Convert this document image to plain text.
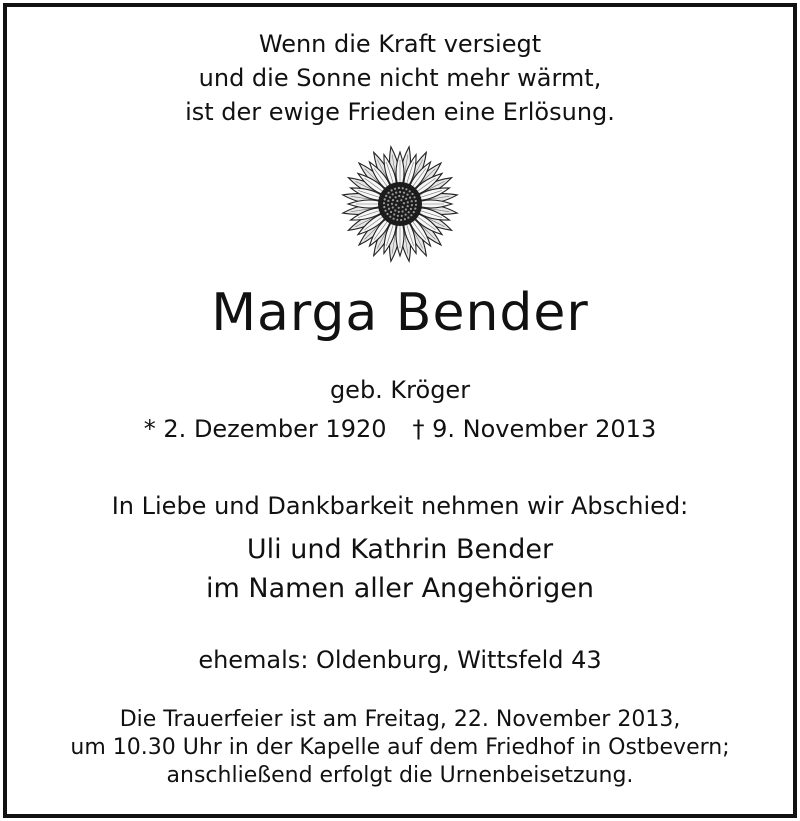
Wenn die Kraft versiegt
und die Sonne nicht mehr wärmt,
ist der ewige Frieden eine Erlösung.
Marga Bender
geb. Kröger
* 2. Dezember 1920 † 9. November 2013
In Liebe und Dankbarkeit nehmen wir Abschied:
Uli und Kathrin Bender
im Namen aller Angehörigen
ehemals: Oldenburg, Wittsfeld 43
Die Trauerfeier ist am Freitag, 22. November 2013,
um 10.30 Uhr in der Kapelle auf dem Friedhof in Ostbevern;
anschließend erfolgt die Urnenbeisetzung.
